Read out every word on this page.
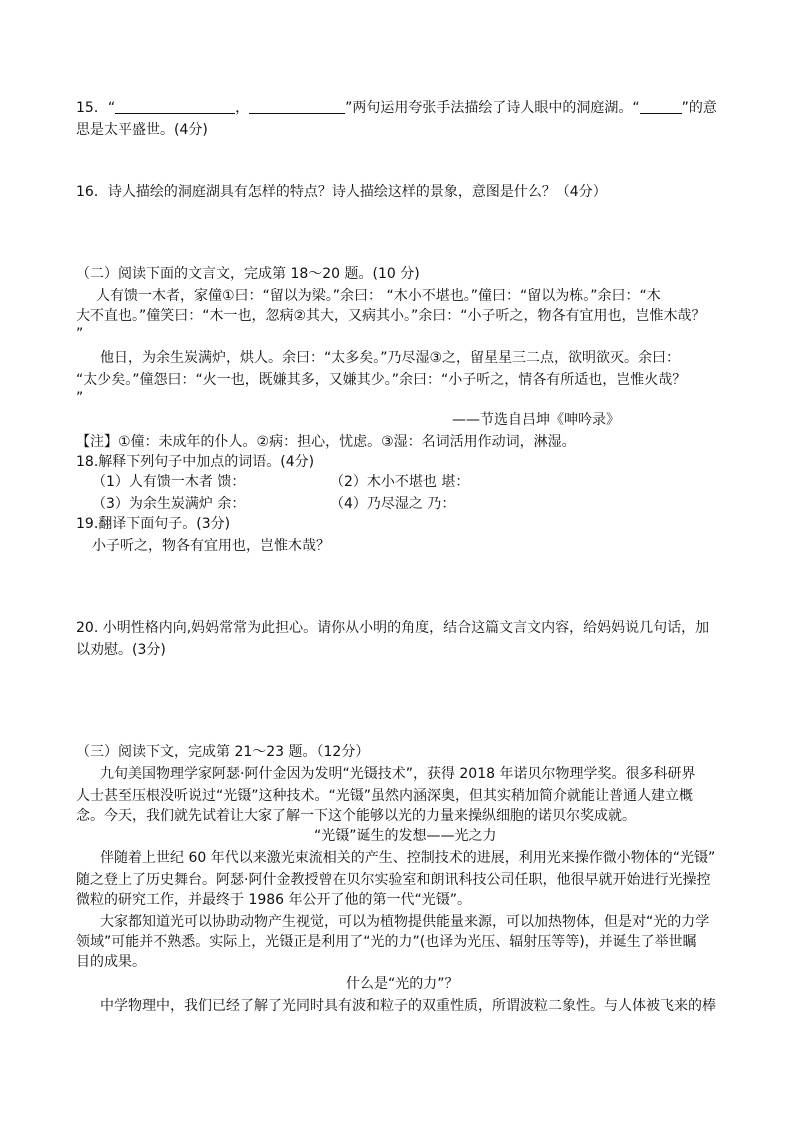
15．“	，	”两句运用夸张手法描绘了诗人眼中的洞庭湖。“	”的意
思是太平盛世。(4分)
16．诗人描绘的洞庭湖具有怎样的特点？诗人描绘这样的景象，意图是什么？（4分）
（二）阅读下面的文言文，完成第 18～20 题。(10 分)
人有馈一木者，家僮①曰：“留以为梁。”余曰： “木小不堪也。”僮曰：“留以为栋。”余曰：“木
大不直也。”僮笑曰：“木一也，忽病②其大，又病其小。”余曰：“小子听之，物各有宜用也，岂惟木哉？
”
他日，为余生炭满炉，烘人。余曰：“太多矣。”乃尽湿③之，留星星三二点，欲明欲灭。余曰：
“太少矣。”僮怨曰：“火一也，既嫌其多，又嫌其少。”余曰：“小子听之，情各有所适也，岂惟火哉？
”
——节选自吕坤《呻吟录》
【注】①僮：未成年的仆人。②病：担心，忧虑。③湿：名词活用作动词，淋湿。
18.解释下列句子中加点的词语。(4分)
（1）人有馈一木者 馈：	（2）木小不堪也 堪：
（3）为余生炭满炉 余：	（4）乃尽湿之 乃：
19.翻译下面句子。(3分)
小子听之，物各有宜用也，岂惟木哉？
20. 小明性格内向,妈妈常常为此担心。请你从小明的角度，结合这篇文言文内容，给妈妈说几句话，加
以劝慰。(3分)
（三）阅读下文，完成第 21～23 题。（12分）
九旬美国物理学家阿瑟·阿什金因为发明“光镊技术”，获得 2018 年诺贝尔物理学奖。很多科研界
人士甚至压根没听说过“光镊”这种技术。“光镊”虽然内涵深奥，但其实稍加简介就能让普通人建立概
念。今天，我们就先试着让大家了解一下这个能够以光的力量来操纵细胞的诺贝尔奖成就。
“光镊”诞生的发想——光之力
伴随着上世纪 60 年代以来激光束流相关的产生、控制技术的进展，利用光来操作微小物体的“光镊”
随之登上了历史舞台。阿瑟·阿什金教授曾在贝尔实验室和朗讯科技公司任职，他很早就开始进行光操控
微粒的研究工作，并最终于 1986 年公开了他的第一代“光镊”。
大家都知道光可以协助动物产生视觉，可以为植物提供能量来源，可以加热物体，但是对“光的力学
领域”可能并不熟悉。实际上，光镊正是利用了“光的力”(也译为光压、辐射压等等)，并诞生了举世瞩
目的成果。
什么是“光的力”？
中学物理中，我们已经了解了光同时具有波和粒子的双重性质，所谓波粒二象性。与人体被飞来的棒
